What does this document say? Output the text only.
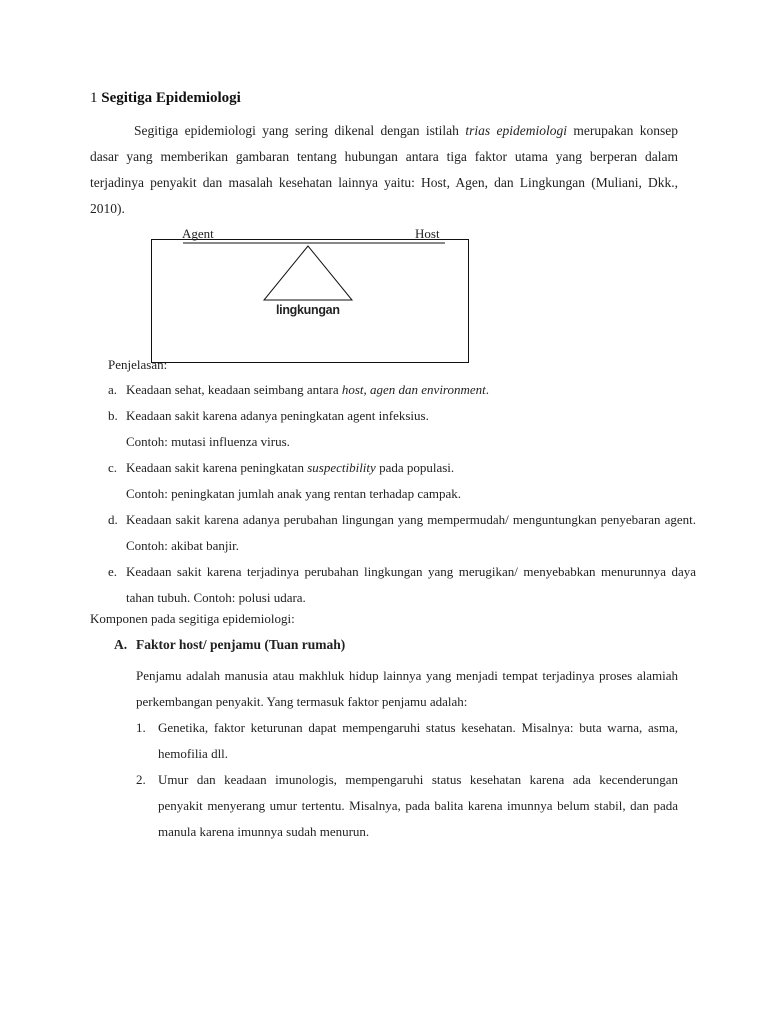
1 Segitiga Epidemiologi

Segitiga epidemiologi yang sering dikenal dengan istilah trias epidemiologi merupakan konsep dasar yang memberikan gambaran tentang hubungan antara tiga faktor utama yang berperan dalam terjadinya penyakit dan masalah kesehatan lainnya yaitu: Host, Agen, dan Lingkungan (Muliani, Dkk., 2010).

Agent	Host
lingkungan
Penjelasan:
a. Keadaan sehat, keadaan seimbang antara host, agen dan environment.
b. Keadaan sakit karena adanya peningkatan agent infeksius.
Contoh: mutasi influenza virus.
c. Keadaan sakit karena peningkatan suspectibility pada populasi.
Contoh: peningkatan jumlah anak yang rentan terhadap campak.
d. Keadaan sakit karena adanya perubahan lingungan yang mempermudah/ menguntungkan penyebaran agent. Contoh: akibat banjir.
e. Keadaan sakit karena terjadinya perubahan lingkungan yang merugikan/ menyebabkan menurunnya daya tahan tubuh. Contoh: polusi udara.
Komponen pada segitiga epidemiologi:
A. Faktor host/ penjamu (Tuan rumah)

Penjamu adalah manusia atau makhluk hidup lainnya yang menjadi tempat terjadinya proses alamiah perkembangan penyakit. Yang termasuk faktor penjamu adalah:

1. Genetika, faktor keturunan dapat mempengaruhi status kesehatan. Misalnya: buta warna, asma, hemofilia dll.
2. Umur dan keadaan imunologis, mempengaruhi status kesehatan karena ada kecenderungan penyakit menyerang umur tertentu. Misalnya, pada balita karena imunnya belum stabil, dan pada manula karena imunnya sudah menurun.
